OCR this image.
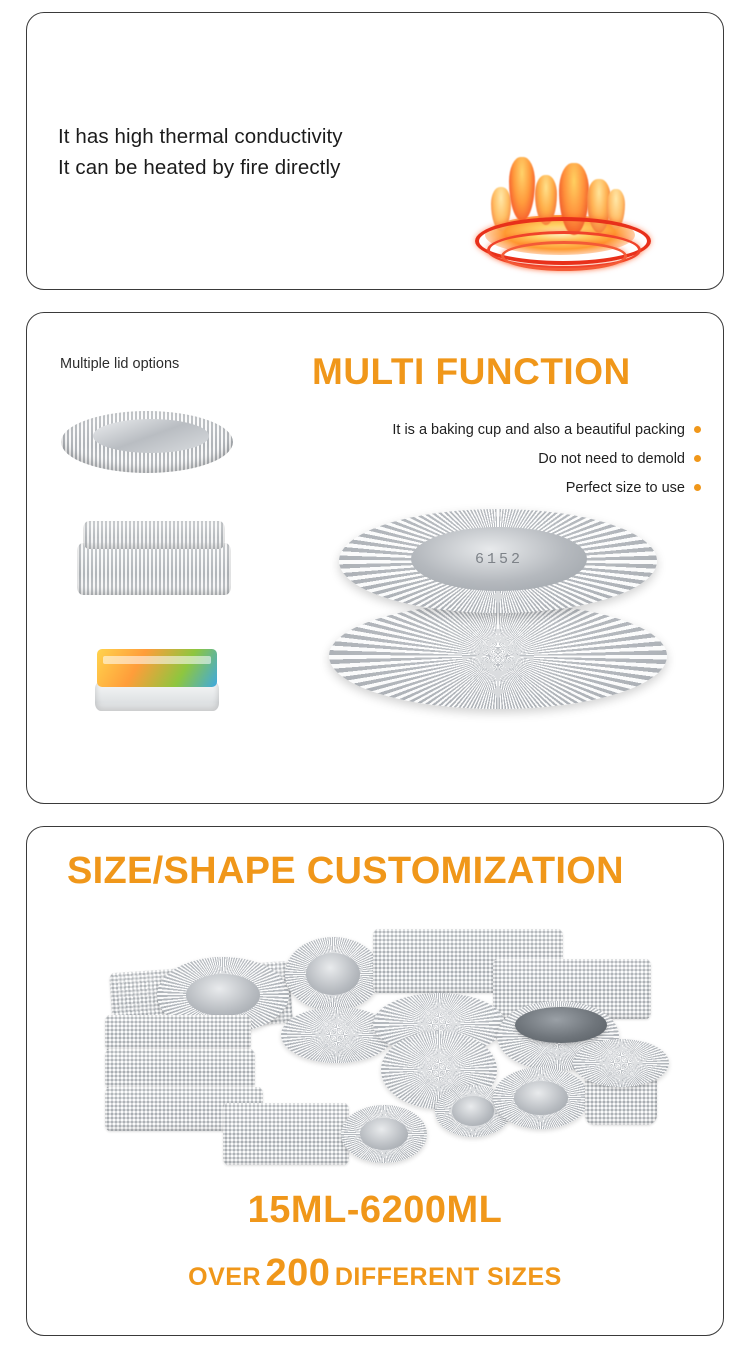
It has high thermal conductivity
It can be heated by fire directly
Multiple lid options	MULTI FUNCTION
It is a baking cup and also a beautiful packing
Do not need to demold
Perfect size to use
6152
SIZE/SHAPE CUSTOMIZATION
15ML-6200ML
OVER 200 DIFFERENT SIZES
